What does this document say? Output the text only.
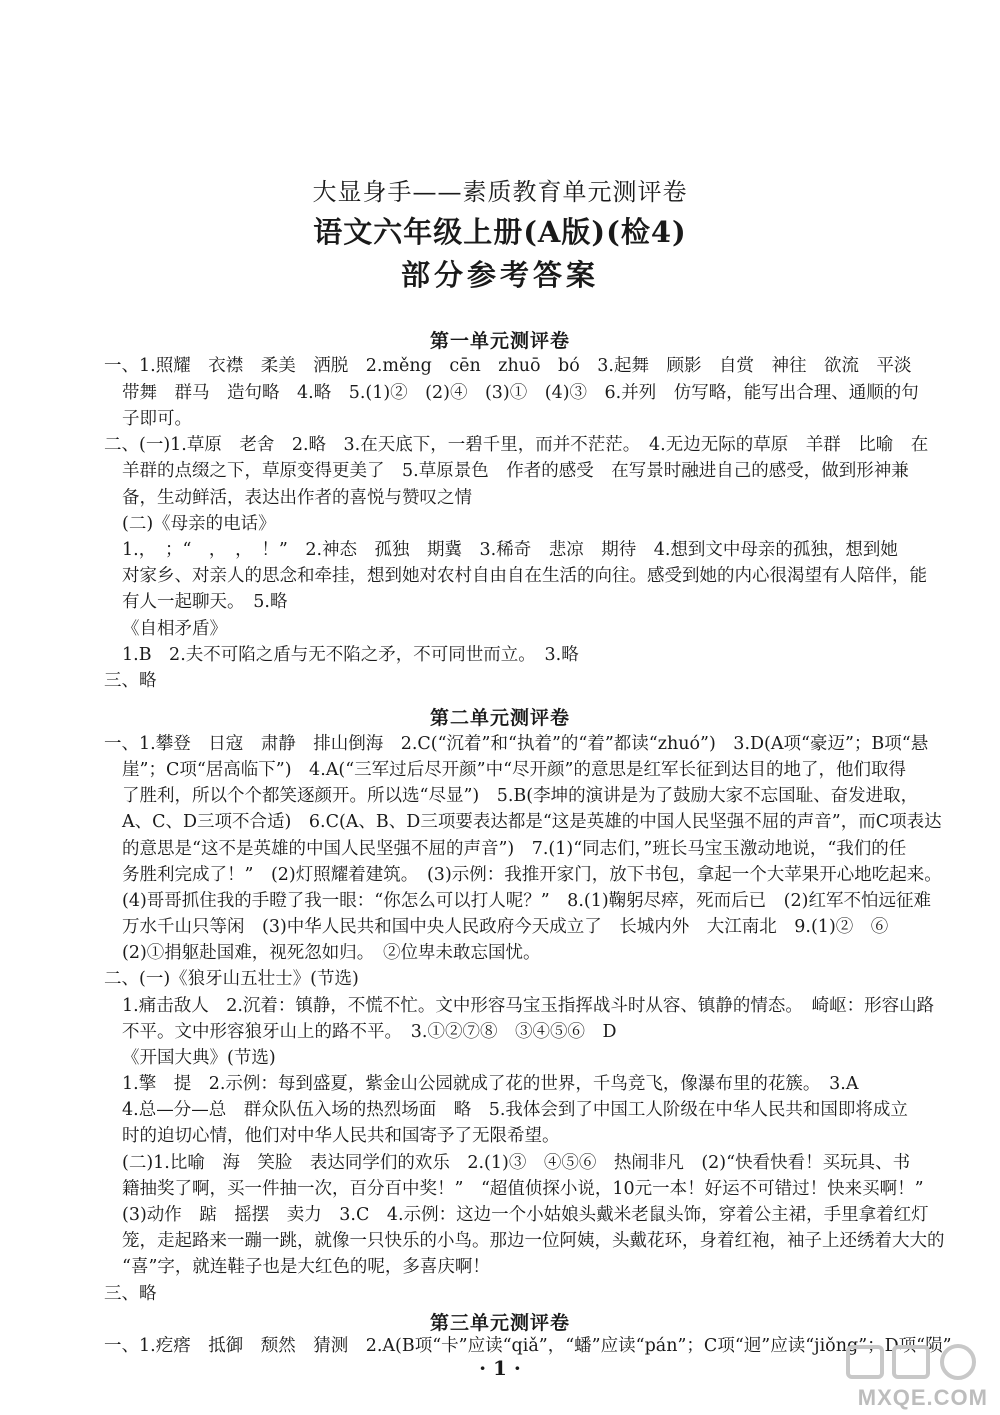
大显身手——素质教育单元测评卷
语文六年级上册(A版)(检4)
部分参考答案
第一单元测评卷
一、1.照耀　衣襟　柔美　洒脱　2.měng　cēn　zhuō　bó　3.起舞　顾影　自赏　神往　欲流　平淡
带舞　群马　造句略　4.略　5.(1)②　(2)④　(3)①　(4)③　6.并列　仿写略，能写出合理、通顺的句
子即可。
二、(一)1.草原　老舍　2.略　3.在天底下，一碧千里，而并不茫茫。　4.无边无际的草原　羊群　比喻　在
羊群的点缀之下，草原变得更美了　5.草原景色　作者的感受　在写景时融进自己的感受，做到形神兼
备，生动鲜活，表达出作者的喜悦与赞叹之情
(二)《母亲的电话》
1.，　；“　，　，　！”　2.神态　孤独　期冀　3.稀奇　悲凉　期待　4.想到文中母亲的孤独，想到她
对家乡、对亲人的思念和牵挂，想到她对农村自由自在生活的向往。感受到她的内心很渴望有人陪伴，能
有人一起聊天。　5.略
《自相矛盾》
1.B　2.夫不可陷之盾与无不陷之矛，不可同世而立。　3.略
三、略
第二单元测评卷
一、1.攀登　日寇　肃静　排山倒海　2.C(“沉着”和“执着”的“着”都读“zhuó”)　3.D(A项“豪迈”；B项“悬
崖”；C项“居高临下”)　4.A(“三军过后尽开颜”中“尽开颜”的意思是红军长征到达目的地了，他们取得
了胜利，所以个个都笑逐颜开。所以选“尽显”)　5.B(李坤的演讲是为了鼓励大家不忘国耻、奋发进取，
A、C、D三项不合适)　6.C(A、B、D三项要表达都是“这是英雄的中国人民坚强不屈的声音”，而C项表达
的意思是“这不是英雄的中国人民坚强不屈的声音”)　7.(1)“同志们，”班长马宝玉激动地说，“我们的任
务胜利完成了！”　(2)灯照耀着建筑。　(3)示例：我推开家门，放下书包，拿起一个大苹果开心地吃起来。
(4)哥哥抓住我的手瞪了我一眼：“你怎么可以打人呢？”　8.(1)鞠躬尽瘁，死而后已　(2)红军不怕远征难
万水千山只等闲　(3)中华人民共和国中央人民政府今天成立了　长城内外　大江南北　9.(1)②　⑥
(2)①捐躯赴国难，视死忽如归。　②位卑未敢忘国忧。
二、(一)《狼牙山五壮士》(节选)
1.痛击敌人　2.沉着：镇静，不慌不忙。文中形容马宝玉指挥战斗时从容、镇静的情态。　崎岖：形容山路
不平。文中形容狼牙山上的路不平。　3.①②⑦⑧　③④⑤⑥　D
《开国大典》(节选)
1.擎　提　2.示例：每到盛夏，紫金山公园就成了花的世界，千鸟竞飞，像瀑布里的花簇。　3.A
4.总—分—总　群众队伍入场的热烈场面　略　5.我体会到了中国工人阶级在中华人民共和国即将成立
时的迫切心情，他们对中华人民共和国寄予了无限希望。
(二)1.比喻　海　笑脸　表达同学们的欢乐　2.(1)③　④⑤⑥　热闹非凡　(2)“快看快看！买玩具、书
籍抽奖了啊，买一件抽一次，百分百中奖！”　“超值侦探小说，10元一本！好运不可错过！快来买啊！”
(3)动作　踮　摇摆　卖力　3.C　4.示例：这边一个小姑娘头戴米老鼠头饰，穿着公主裙，手里拿着红灯
笼，走起路来一蹦一跳，就像一只快乐的小鸟。那边一位阿姨，头戴花环，身着红袍，袖子上还绣着大大的
“喜”字，就连鞋子也是大红色的呢，多喜庆啊！
三、略
第三单元测评卷
一、1.疙瘩　抵御　颓然　猜测　2.A(B项“卡”应读“qiǎ”，“蟠”应读“pán”；C项“迥”应读“jiǒng”；D项“陨”
· 1 ·
MXQE.COM
